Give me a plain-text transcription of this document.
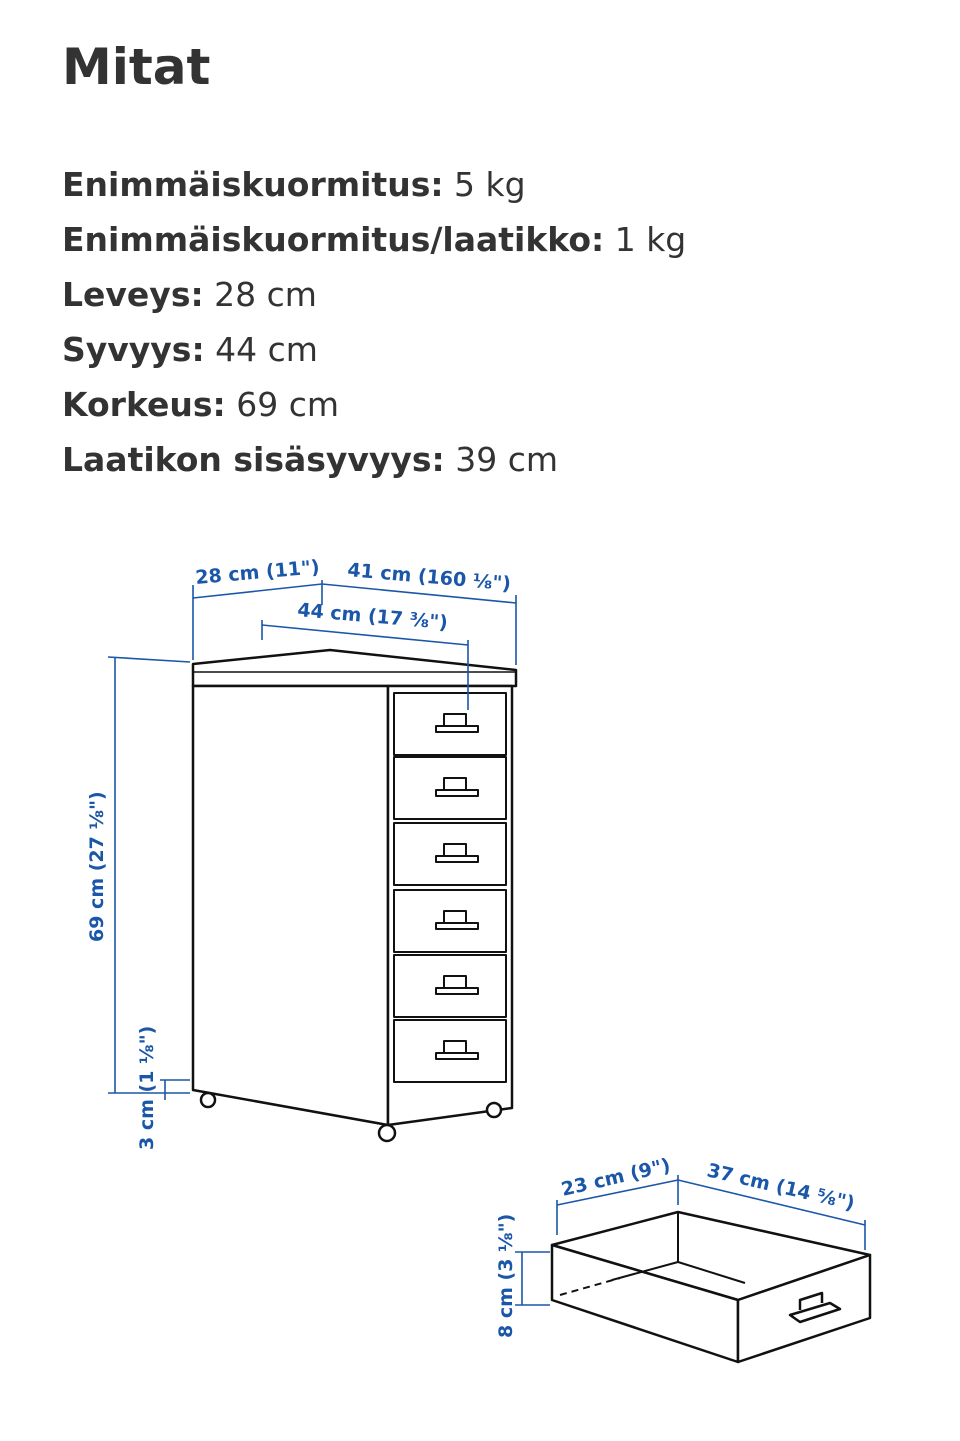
Mitat
Enimmäiskuormitus: 5 kg
Enimmäiskuormitus/laatikko: 1 kg
Leveys: 28 cm
Syvyys: 44 cm
Korkeus: 69 cm
Laatikon sisäsyvyys: 39 cm
28 cm (11") 41 cm (160 ⅛")
44 cm (17 ⅜")
69 cm (27 ⅛")
3 cm (1 ⅛")
23 cm (9") 37 cm (14 ⅝")
8 cm (3 ⅛")
